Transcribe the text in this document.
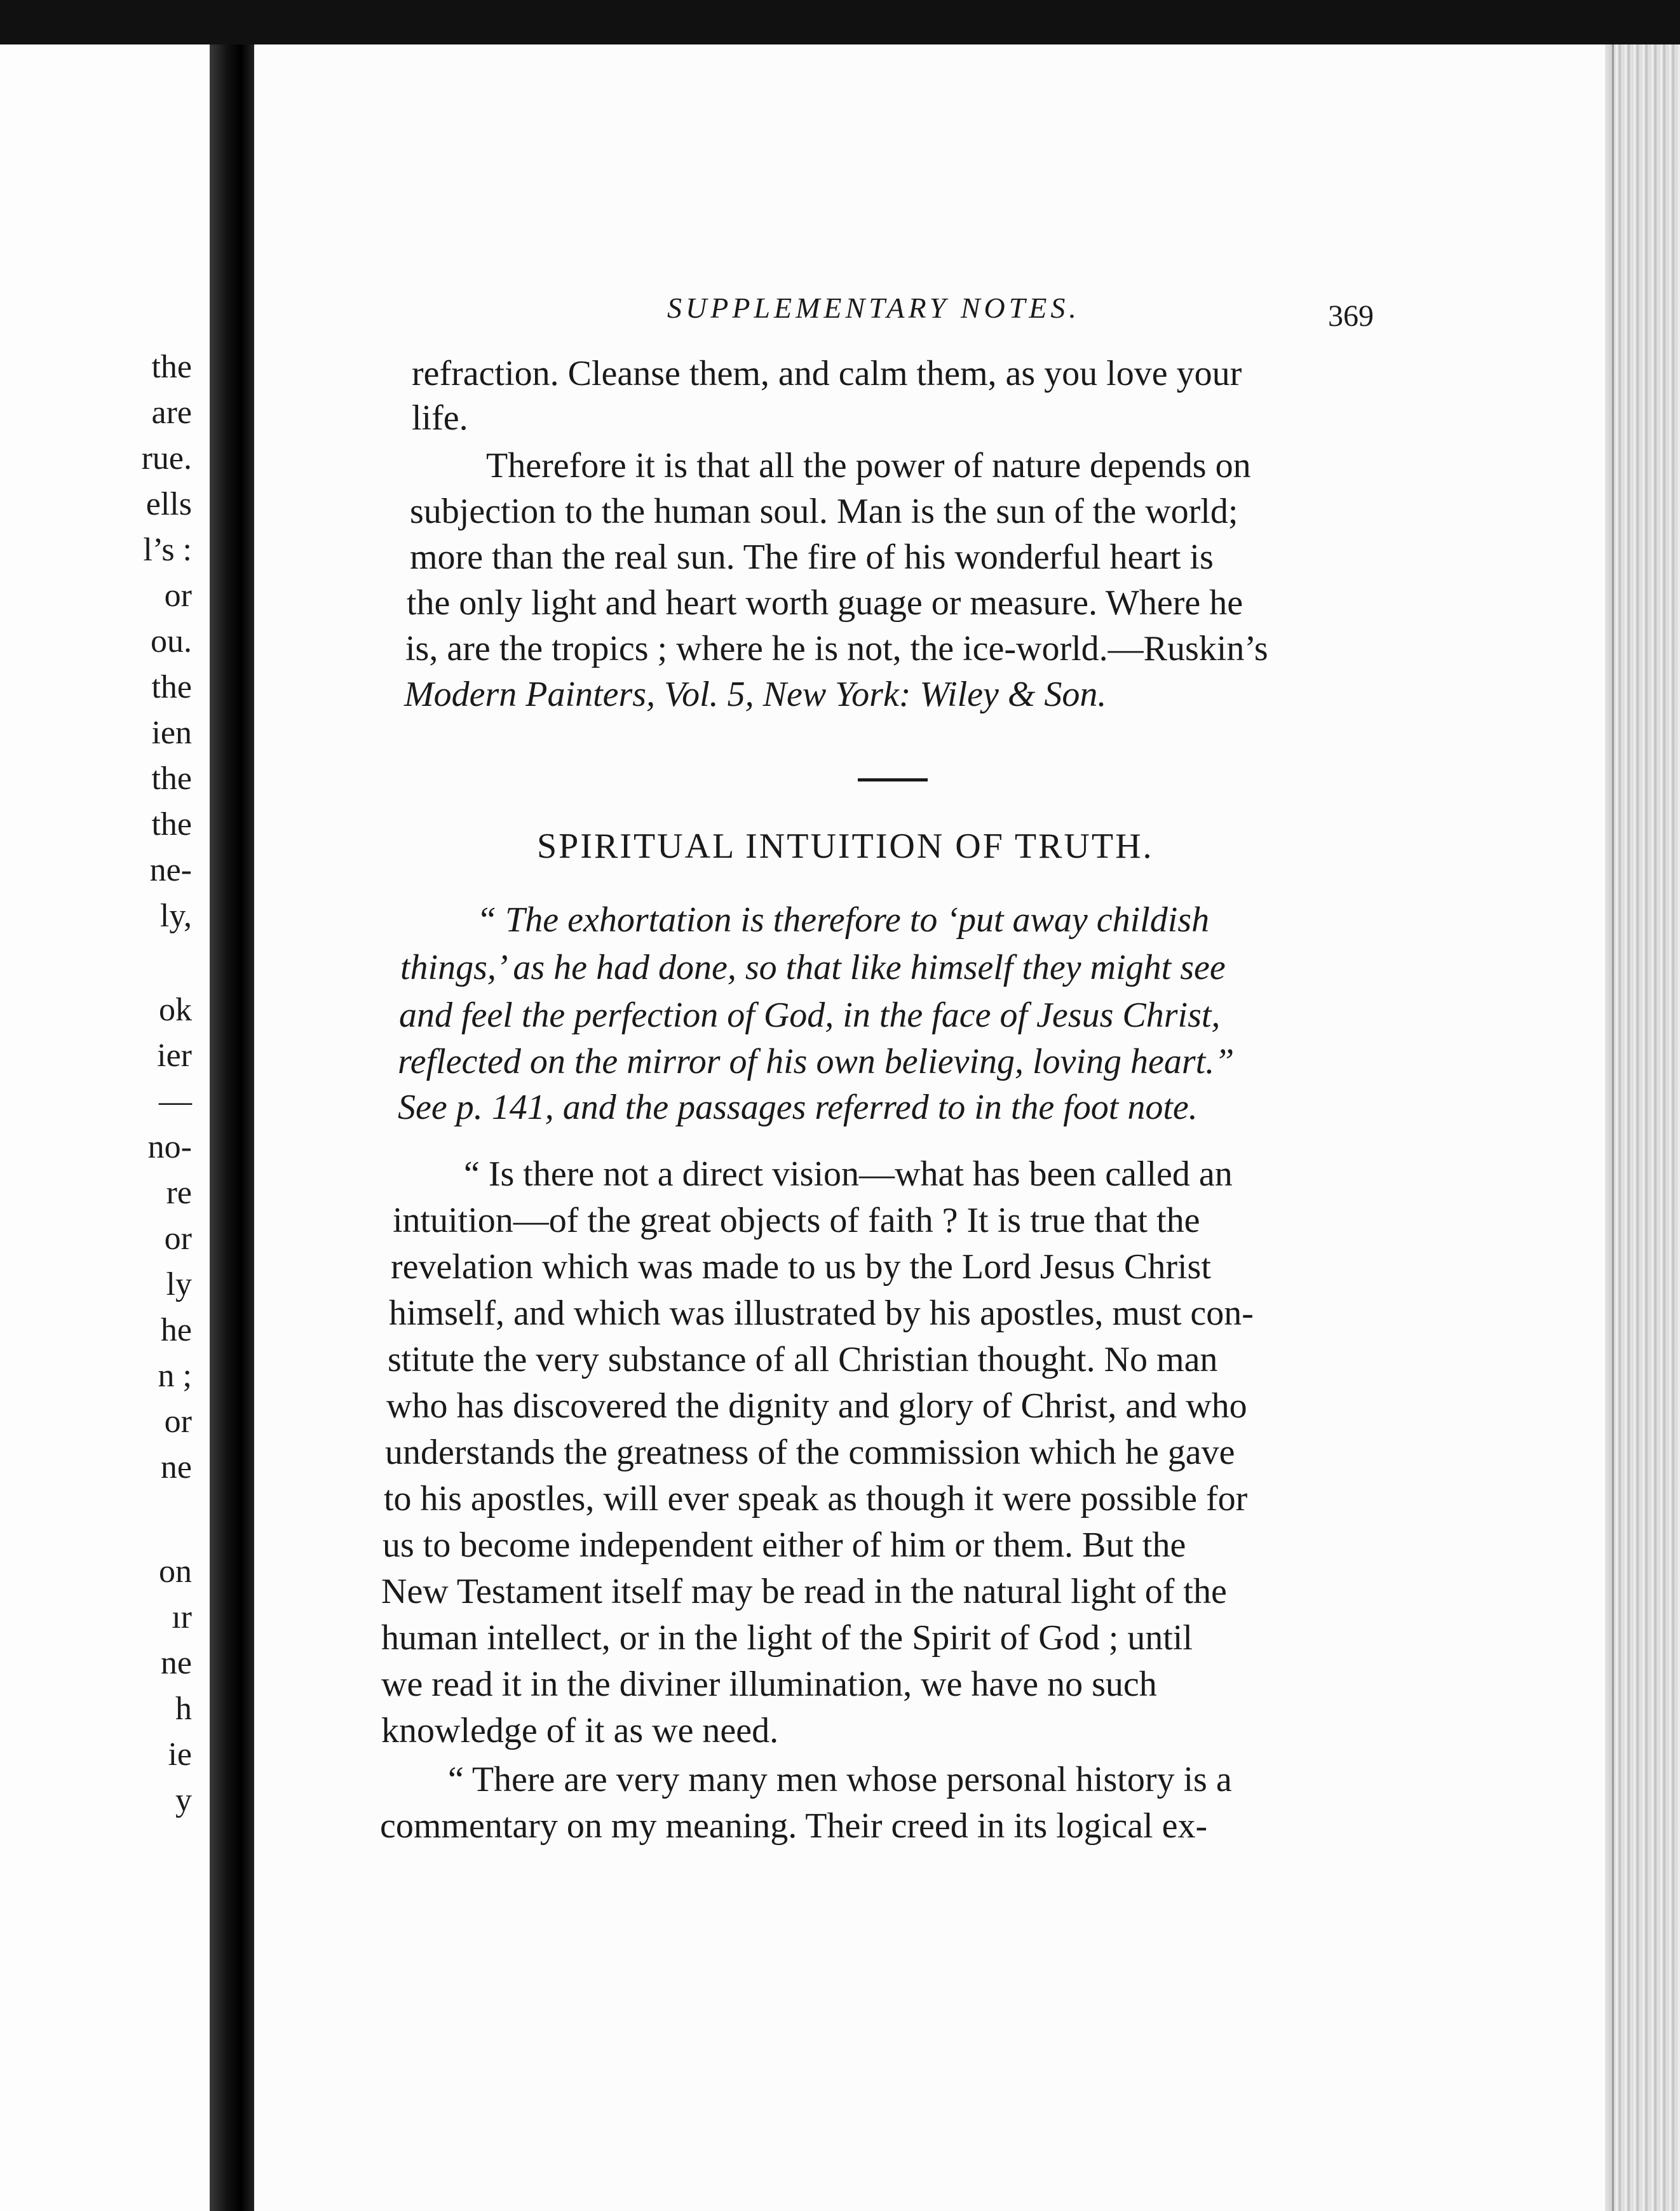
the
are
rue.
ells
l’s :
or
ou.
the
ien
the
the
ne-
ly,
ok
ier
—
no-
re
or
ly
he
n ;
or
ne
on
ır
ne
h
ie
y
SUPPLEMENTARY NOTES.	369
refraction. Cleanse them, and calm them, as you love your
life.
Therefore it is that all the power of nature depends on
subjection to the human soul. Man is the sun of the world;
more than the real sun. The fire of his wonderful heart is
the only light and heart worth guage or measure. Where he
is, are the tropics ; where he is not, the ice-world.—Ruskin’s
Modern Painters, Vol. 5, New York: Wiley & Son.
SPIRITUAL INTUITION OF TRUTH.
“ The exhortation is therefore to ‘put away childish
things,’ as he had done, so that like himself they might see
and feel the perfection of God, in the face of Jesus Christ,
reflected on the mirror of his own believing, loving heart.”
See p. 141, and the passages referred to in the foot note.
“ Is there not a direct vision—what has been called an
intuition—of the great objects of faith ? It is true that the
revelation which was made to us by the Lord Jesus Christ
himself, and which was illustrated by his apostles, must con-
stitute the very substance of all Christian thought. No man
who has discovered the dignity and glory of Christ, and who
understands the greatness of the commission which he gave
to his apostles, will ever speak as though it were possible for
us to become independent either of him or them. But the
New Testament itself may be read in the natural light of the
human intellect, or in the light of the Spirit of God ; until
we read it in the diviner illumination, we have no such
knowledge of it as we need.
“ There are very many men whose personal history is a
commentary on my meaning. Their creed in its logical ex-
